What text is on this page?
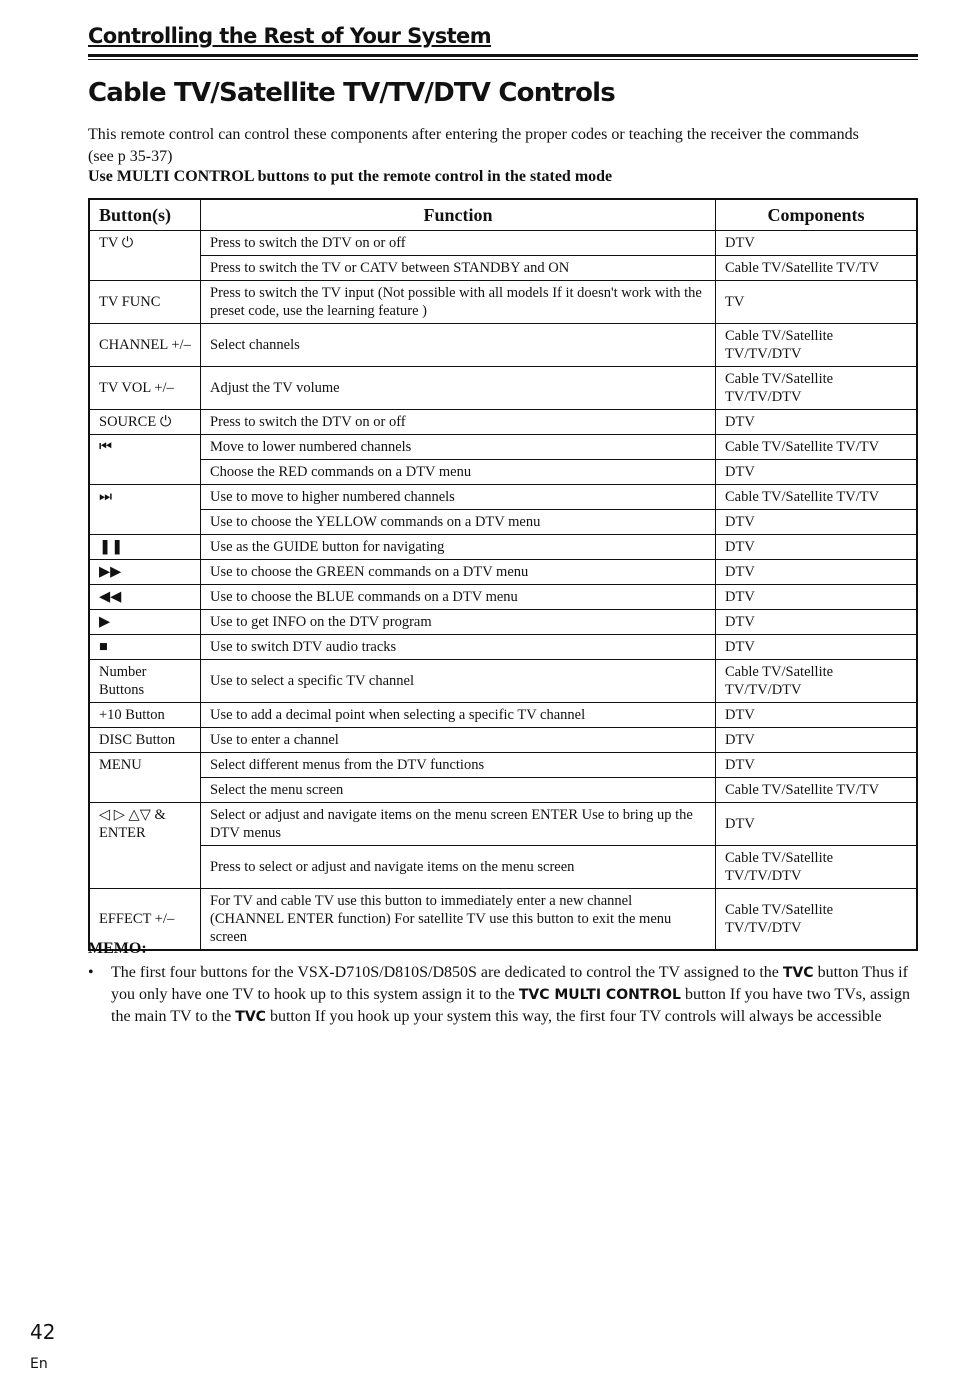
Controlling the Rest of Your System
Cable TV/Satellite TV/TV/DTV Controls
This remote control can control these components after entering the proper codes or teaching the receiver the commands (see p 35-37)
Use MULTI CONTROL buttons to put the remote control in the stated mode
Button(s)	Function	Components
TV ⏻	Press to switch the DTV on or off	DTV
	Press to switch the TV or CATV between STANDBY and ON	Cable TV/Satellite TV/TV
TV FUNC	Press to switch the TV input (Not possible with all models If it doesn't work with the preset code, use the learning feature )	TV
CHANNEL +/–	Select channels	Cable TV/Satellite TV/TV/DTV
TV VOL +/–	Adjust the TV volume	Cable TV/Satellite TV/TV/DTV
SOURCE ⏻	Press to switch the DTV on or off	DTV
⏮	Move to lower numbered channels	Cable TV/Satellite TV/TV
	Choose the RED commands on a DTV menu	DTV
⏭	Use to move to higher numbered channels	Cable TV/Satellite TV/TV
	Use to choose the YELLOW commands on a DTV menu	DTV
❚❚	Use as the GUIDE button for navigating	DTV
▶▶	Use to choose the GREEN commands on a DTV menu	DTV
◀◀	Use to choose the BLUE commands on a DTV menu	DTV
▶	Use to get INFO on the DTV program	DTV
■	Use to switch DTV audio tracks	DTV
Number Buttons	Use to select a specific TV channel	Cable TV/Satellite TV/TV/DTV
+10 Button	Use to add a decimal point when selecting a specific TV channel	DTV
DISC Button	Use to enter a channel	DTV
MENU	Select different menus from the DTV functions	DTV
	Select the menu screen	Cable TV/Satellite TV/TV
◁ ▷ △▽ & ENTER	Select or adjust and navigate items on the menu screen ENTER Use to bring up the DTV menus	DTV
	Press to select or adjust and navigate items on the menu screen	Cable TV/Satellite TV/TV/DTV
EFFECT +/–	For TV and cable TV use this button to immediately enter a new channel (CHANNEL ENTER function) For satellite TV use this button to exit the menu screen	Cable TV/Satellite TV/TV/DTV
MEMO:
• The first four buttons for the VSX-D710S/D810S/D850S are dedicated to control the TV assigned to the TVC button Thus if you only have one TV to hook up to this system assign it to the TVC MULTI CONTROL button If you have two TVs, assign the main TV to the TVC button If you hook up your system this way, the first four TV controls will always be accessible
42
En
